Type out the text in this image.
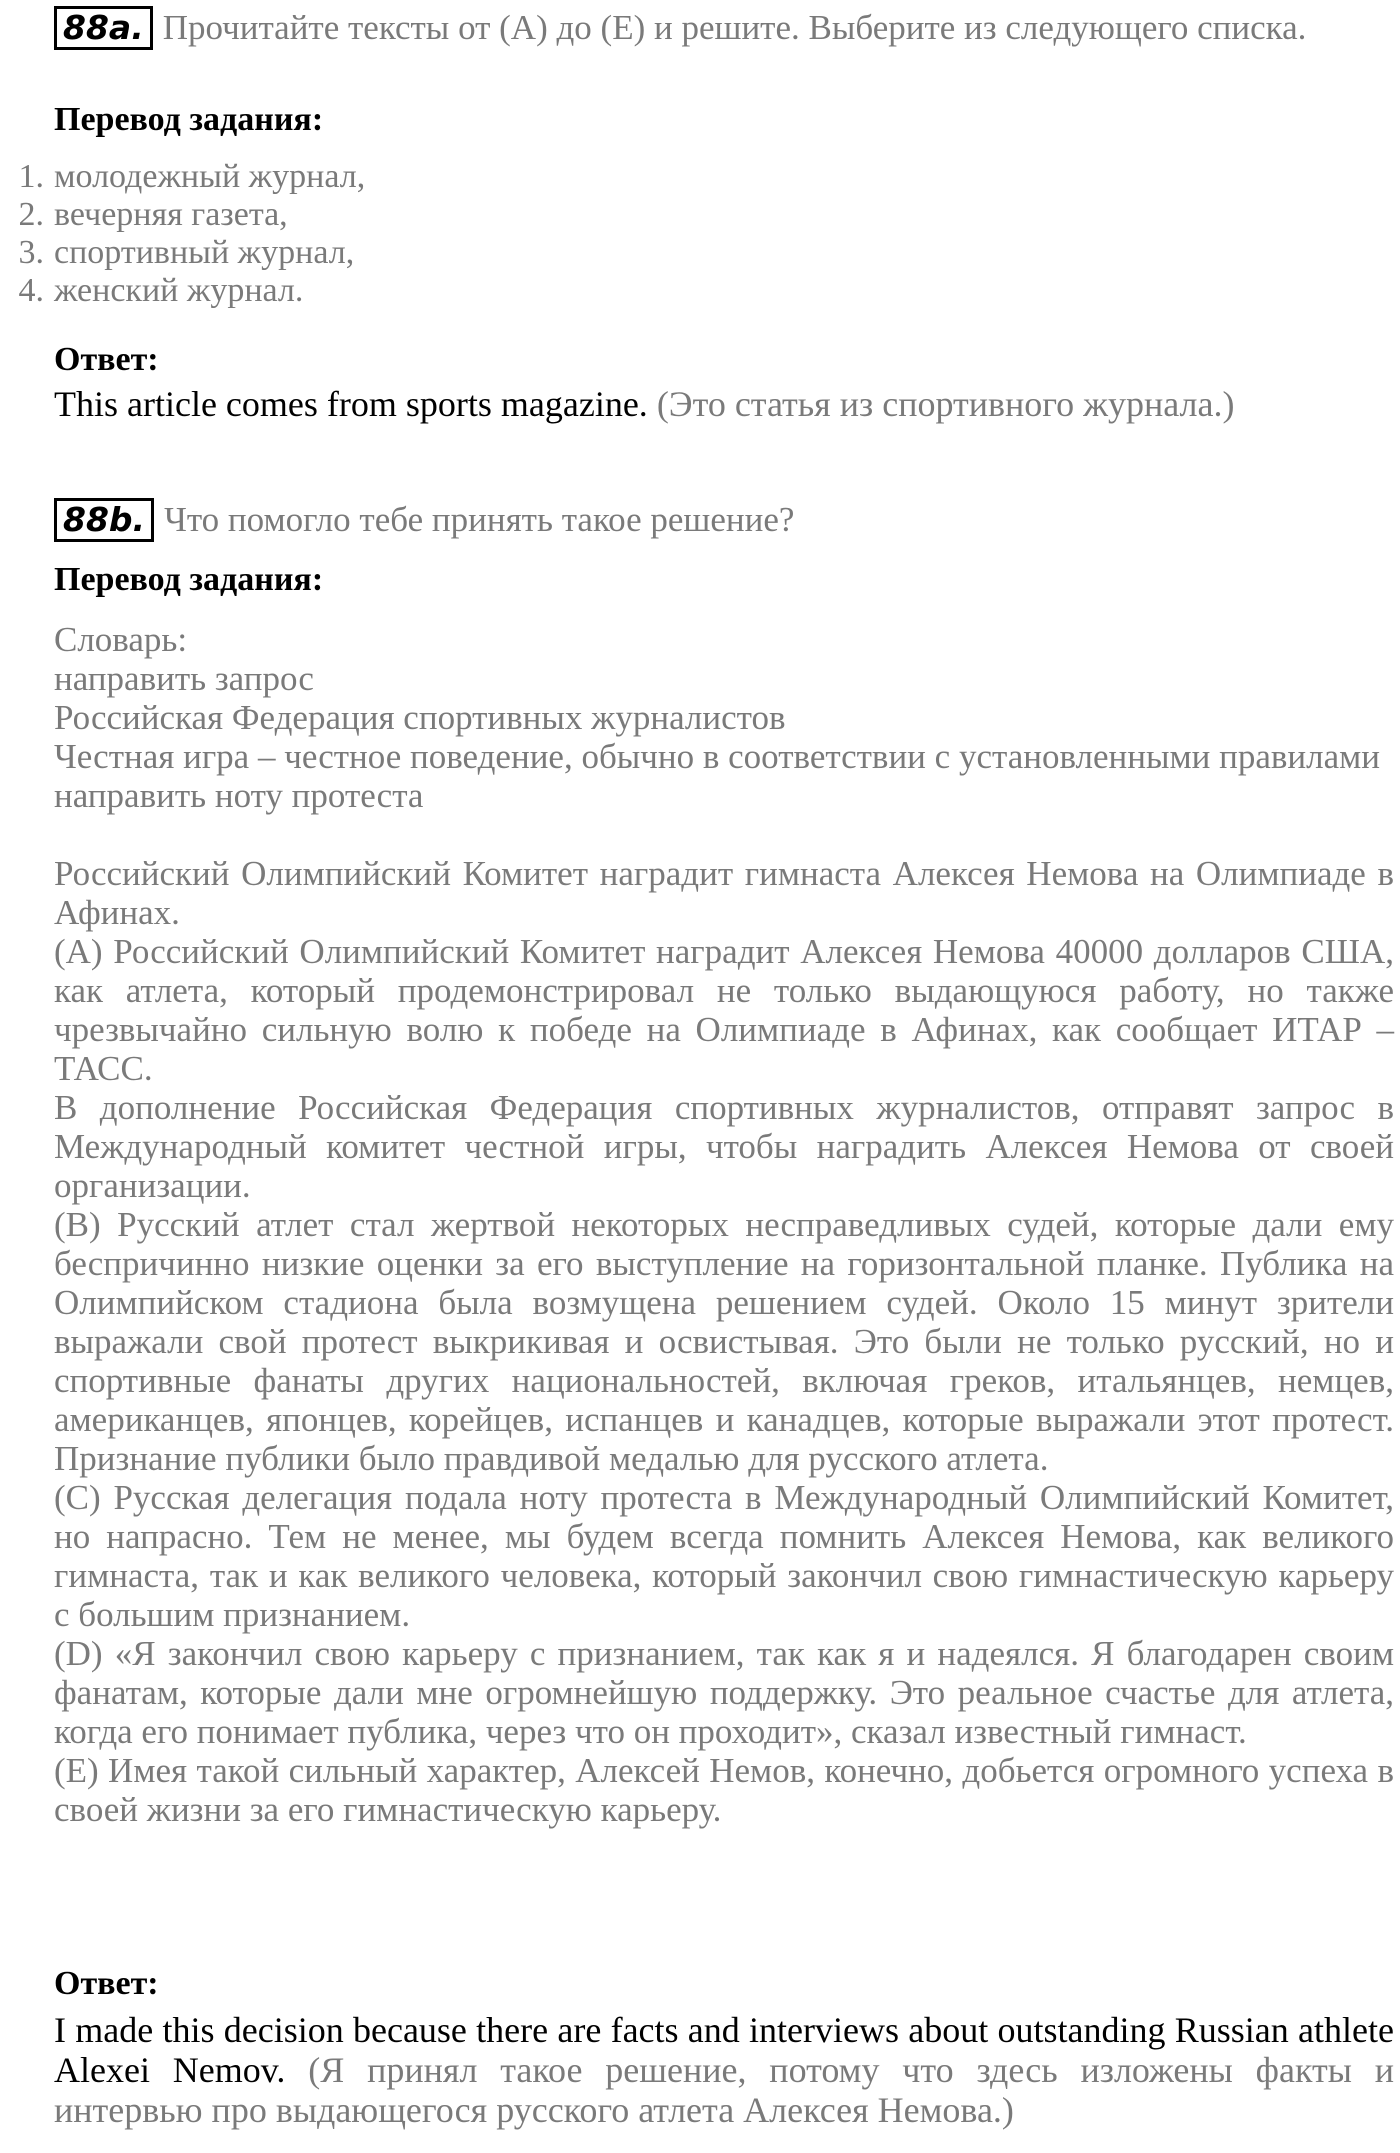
88a. Прочитайте тексты от (А) до (Е) и решите. Выберите из следующего списка.
Перевод задания:
1. молодежный журнал,
2. вечерняя газета,
3. спортивный журнал,
4. женский журнал.
Ответ:
This article comes from sports magazine. (Это статья из спортивного журнала.)
88b. Что помогло тебе принять такое решение?
Перевод задания:

Словарь:

направить запрос

Российская Федерация спортивных журналистов

Честная игра – честное поведение, обычно в соответствии с установленными правилами

направить ноту протеста

Российский Олимпийский Комитет наградит гимнаста Алексея Немова на Олимпиаде в Афинах.

(А) Российский Олимпийский Комитет наградит Алексея Немова 40000 долларов США, как атлета, который продемонстрировал не только выдающуюся работу, но также чрезвычайно сильную волю к победе на Олимпиаде в Афинах, как сообщает ИТАР –ТАСС.

В дополнение Российская Федерация спортивных журналистов, отправят запрос в Международный комитет честной игры, чтобы наградить Алексея Немова от своей организации.

(В) Русский атлет стал жертвой некоторых несправедливых судей, которые дали ему беспричинно низкие оценки за его выступление на горизонтальной планке. Публика на Олимпийском стадиона была возмущена решением судей. Около 15 минут зрители выражали свой протест выкрикивая и освистывая. Это были не только русский, но и спортивные фанаты других национальностей, включая греков, итальянцев, немцев, американцев, японцев, корейцев, испанцев и канадцев, которые выражали этот протест. Признание публики было правдивой медалью для русского атлета.

(С) Русская делегация подала ноту протеста в Международный Олимпийский Комитет, но напрасно. Тем не менее, мы будем всегда помнить Алексея Немова, как великого гимнаста, так и как великого человека, который закончил свою гимнастическую карьеру с большим признанием.

(D) «Я закончил свою карьеру с признанием, так как я и надеялся. Я благодарен своим фанатам, которые дали мне огромнейшую поддержку. Это реальное счастье для атлета, когда его понимает публика, через что он проходит», сказал известный гимнаст.

(Е) Имея такой сильный характер, Алексей Немов, конечно, добьется огромного успеха в своей жизни за его гимнастическую карьеру.

Ответ:
I made this decision because there are facts and interviews about outstanding Russian athlete Alexei Nemov. (Я принял такое решение, потому что здесь изложены факты и интервью про выдающегося русского атлета Алексея Немова.)
